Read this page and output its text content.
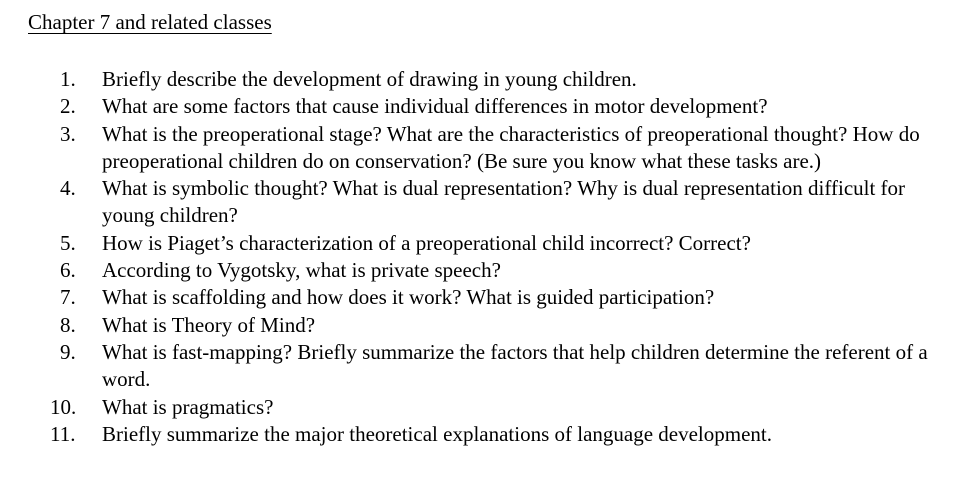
Chapter 7 and related classes
1.	Briefly describe the development of drawing in young children.
2.	What are some factors that cause individual differences in motor development?
3.	What is the preoperational stage? What are the characteristics of preoperational thought? How do preoperational children do on conservation? (Be sure you know what these tasks are.)
4.	What is symbolic thought? What is dual representation? Why is dual representation difficult for young children?
5.	How is Piaget’s characterization of a preoperational child incorrect? Correct?
6.	According to Vygotsky, what is private speech?
7.	What is scaffolding and how does it work? What is guided participation?
8.	What is Theory of Mind?
9.	What is fast-mapping? Briefly summarize the factors that help children determine the referent of a word.
10.	What is pragmatics?
11.	Briefly summarize the major theoretical explanations of language development.
